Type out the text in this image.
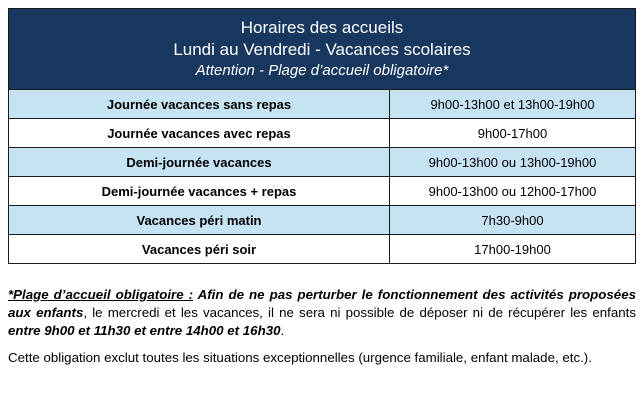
Horaires des accueils
Lundi au Vendredi - Vacances scolaires
Attention - Plage d’accueil obligatoire*
Journée vacances sans repas	9h00-13h00 et 13h00-19h00
Journée vacances avec repas	9h00-17h00
Demi-journée vacances	9h00-13h00 ou 13h00-19h00
Demi-journée vacances + repas	9h00-13h00 ou 12h00-17h00
Vacances péri matin	7h30-9h00
Vacances péri soir	17h00-19h00

*Plage d’accueil obligatoire : Afin de ne pas perturber le fonctionnement des activités proposées aux enfants, le mercredi et les vacances, il ne sera ni possible de déposer ni de récupérer les enfants entre 9h00 et 11h30 et entre 14h00 et 16h30.

Cette obligation exclut toutes les situations exceptionnelles (urgence familiale, enfant malade, etc.).
